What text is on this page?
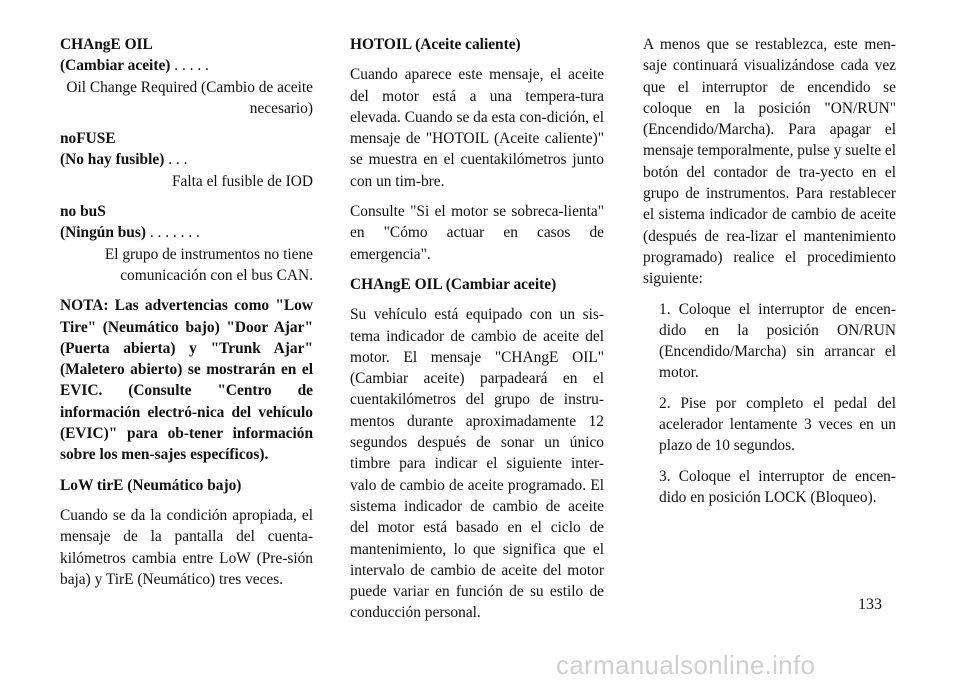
CHAngE OIL
(Cambiar aceite) . . . . .
Oil Change Required (Cambio de aceite necesario)
noFUSE
(No hay fusible) . . .
Falta el fusible de IOD
no buS
(Ningún bus) . . . . . . .
El grupo de instrumentos no tiene comunicación con el bus CAN.

NOTA: Las advertencias como "Low Tire" (Neumático bajo) "Door Ajar" (Puerta abierta) y "Trunk Ajar" (Maletero abierto) se mostrarán en el EVIC. (Consulte "Centro de información electró-nica del vehículo (EVIC)" para ob-tener información sobre los men-sajes específicos).

LoW tirE (Neumático bajo)

Cuando se da la condición apropiada, el mensaje de la pantalla del cuenta-kilómetros cambia entre LoW (Pre-sión baja) y TirE (Neumático) tres veces.

HOTOIL (Aceite caliente)

Cuando aparece este mensaje, el aceite del motor está a una tempera-tura elevada. Cuando se da esta con-dición, el mensaje de "HOTOIL (Aceite caliente)" se muestra en el cuentakilómetros junto con un tim-bre.

Consulte "Si el motor se sobreca-lienta" en "Cómo actuar en casos de emergencia".

CHAngE OIL (Cambiar aceite)

Su vehículo está equipado con un sis-tema indicador de cambio de aceite del motor. El mensaje "CHAngE OIL" (Cambiar aceite) parpadeará en el cuentakilómetros del grupo de instru-mentos durante aproximadamente 12 segundos después de sonar un único timbre para indicar el siguiente inter-valo de cambio de aceite programado. El sistema indicador de cambio de aceite del motor está basado en el ciclo de mantenimiento, lo que significa que el intervalo de cambio de aceite del motor puede variar en función de su estilo de conducción personal.

A menos que se restablezca, este men-saje continuará visualizándose cada vez que el interruptor de encendido se coloque en la posición "ON/RUN" (Encendido/Marcha). Para apagar el mensaje temporalmente, pulse y suelte el botón del contador de tra-yecto en el grupo de instrumentos. Para restablecer el sistema indicador de cambio de aceite (después de rea-lizar el mantenimiento programado) realice el procedimiento siguiente:

1. Coloque el interruptor de encen-dido en la posición ON/RUN (Encendido/Marcha) sin arrancar el motor.

2. Pise por completo el pedal del acelerador lentamente 3 veces en un plazo de 10 segundos.

3. Coloque el interruptor de encen-dido en posición LOCK (Bloqueo).

133
carmanualsonline.info
